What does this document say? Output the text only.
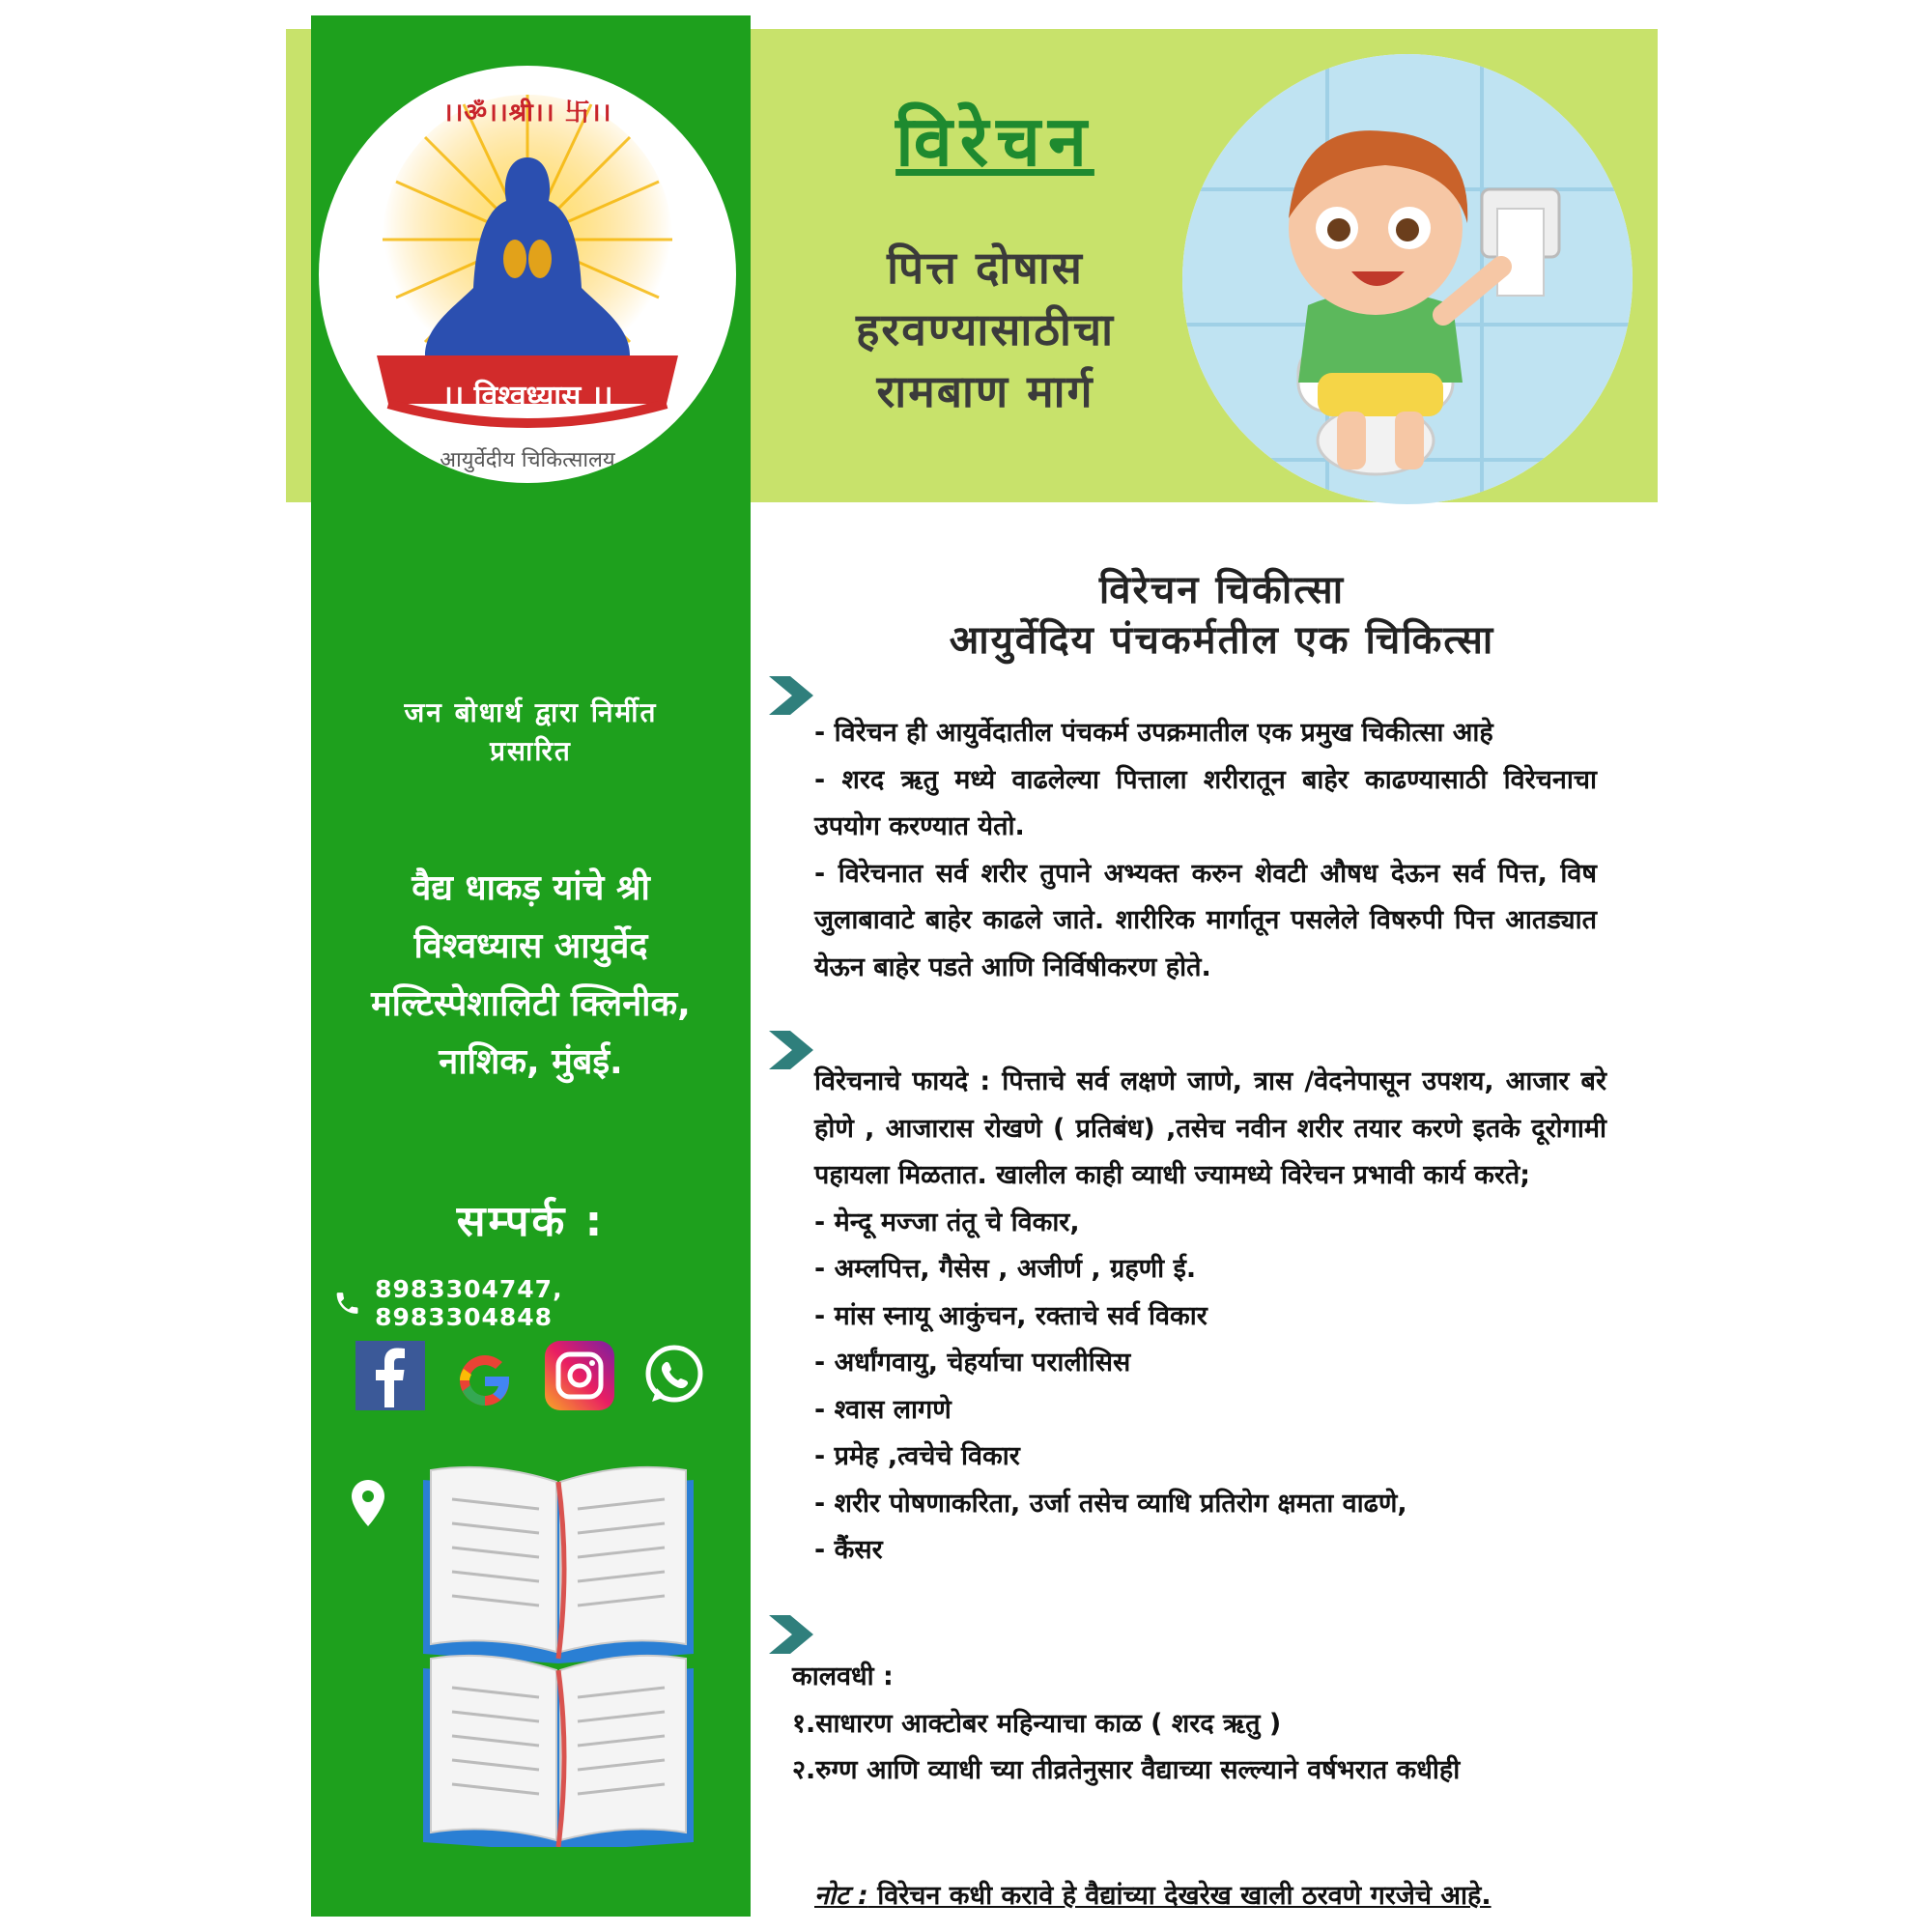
।।ॐ।।श्री।। 卐।।
।। विश्वध्यास ।।
आयुर्वेदीय चिकित्सालय
विरेचन
पित्त दोषास
हरवण्यासाठीचा
रामबाण मार्ग
जन बोधार्थ द्वारा निर्मीत
प्रसारित
वैद्य धाकड़ यांचे श्री
विश्वध्यास आयुर्वेद
मल्टिस्पेशालिटी क्लिनीक,
नाशिक, मुंबई.
सम्पर्क :
8983304747, 8983304848
विरेचन चिकीत्सा
आयुर्वेदिय पंचकर्मतील एक चिकित्सा

- विरेचन ही आयुर्वेदातील पंचकर्म उपक्रमातील एक प्रमुख चिकीत्सा आहे

- शरद ऋतु मध्ये वाढलेल्या पित्ताला शरीरातून बाहेर काढण्यासाठी विरेचनाचा उपयोग करण्यात येतो.

- विरेचनात सर्व शरीर तुपाने अभ्यक्त करुन शेवटी औषध देऊन सर्व पित्त, विष जुलाबावाटे बाहेर काढले जाते. शारीरिक मार्गातून पसलेले विषरुपी पित्त आतड्यात येऊन बाहेर पडते आणि निर्विषीकरण होते.

विरेचनाचे फायदे : पित्ताचे सर्व लक्षणे जाणे, त्रास /वेदनेपासून उपशय, आजार बरे होणे , आजारास रोखणे ( प्रतिबंध) ,तसेच नवीन शरीर तयार करणे इतके दूरोगामी पहायला मिळतात. खालील काही व्याधी ज्यामध्ये विरेचन प्रभावी कार्य करते;

- मेन्दू मज्जा तंतू चे विकार,

- अम्लपित्त, गैसेस , अजीर्ण , ग्रहणी ई.

- मांस स्नायू आकुंचन, रक्ताचे सर्व विकार

- अर्धांगवायु, चेहर्याचा परालीसिस

- श्वास लागणे

- प्रमेह ,त्वचेचे विकार

- शरीर पोषणाकरिता, उर्जा तसेच व्याधि प्रतिरोग क्षमता वाढणे,

- कैंसर

कालवधी :

१.साधारण आक्टोबर महिन्याचा काळ ( शरद ऋतु )

२.रुग्ण आणि व्याधी च्या तीव्रतेनुसार वैद्याच्या सल्ल्याने वर्षभरात कधीही

नोट : विरेचन कधी करावे हे वैद्यांच्या देखरेख खाली ठरवणे गरजेचे आहे.
